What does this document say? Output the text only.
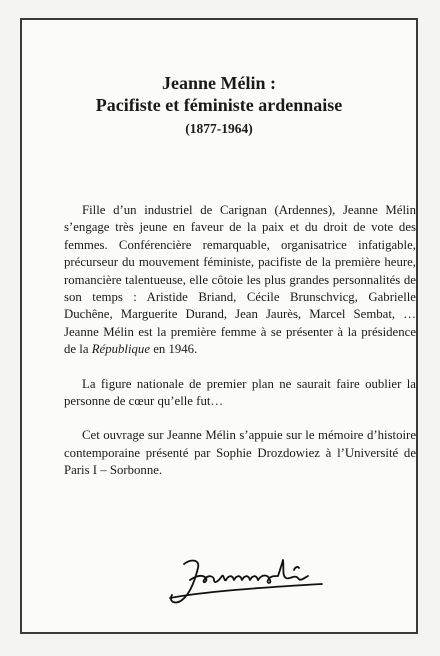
Jeanne Mélin :
Pacifiste et féministe ardennaise
(1877-1964)

Fille d’un industriel de Carignan (Ardennes), Jeanne Mélin s’engage très jeune en faveur de la paix et du droit de vote des femmes. Conférencière remarquable, organisatrice infatigable, précurseur du mouvement féministe, pacifiste de la première heure, romancière talentueuse, elle côtoie les plus grandes personnalités de son temps : Aristide Briand, Cécile Brunschvicg, Gabrielle Duchêne, Marguerite Durand, Jean Jaurès, Marcel Sembat, … Jeanne Mélin est la première femme à se présenter à la présidence de la République en 1946.

La figure nationale de premier plan ne saurait faire oublier la personne de cœur qu’elle fut…

Cet ouvrage sur Jeanne Mélin s’appuie sur le mémoire d’histoire contemporaine présenté par Sophie Drozdowiez à l’Université de Paris I – Sorbonne.
